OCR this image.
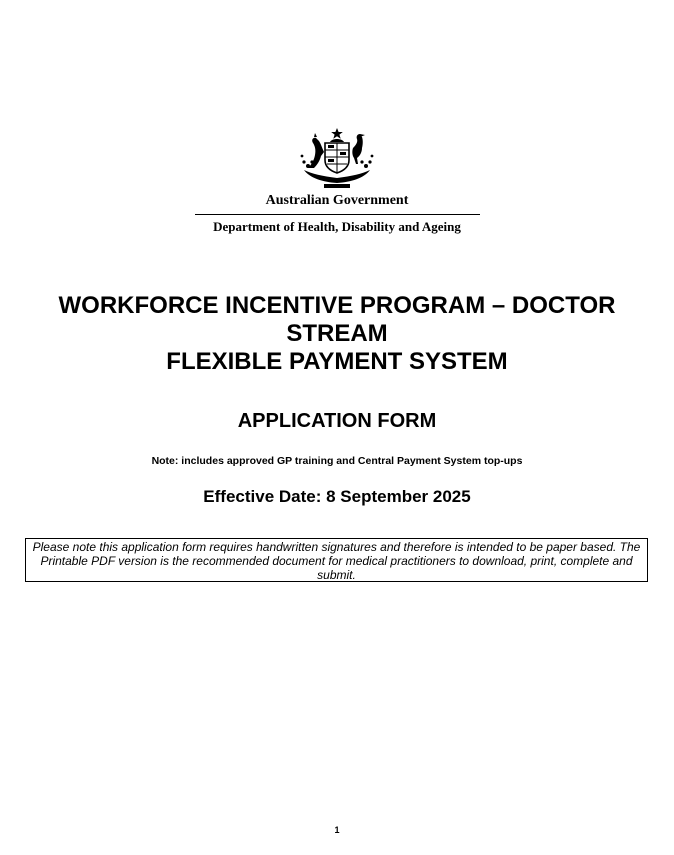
Australian Government
Department of Health, Disability and Ageing
WORKFORCE INCENTIVE PROGRAM – DOCTOR
STREAM
FLEXIBLE PAYMENT SYSTEM
APPLICATION FORM
Note: includes approved GP training and Central Payment System top-ups
Effective Date: 8 September 2025
Please note this application form requires handwritten signatures and therefore is intended to be paper based. The Printable PDF version is the recommended document for medical practitioners to download, print, complete and submit.
1
